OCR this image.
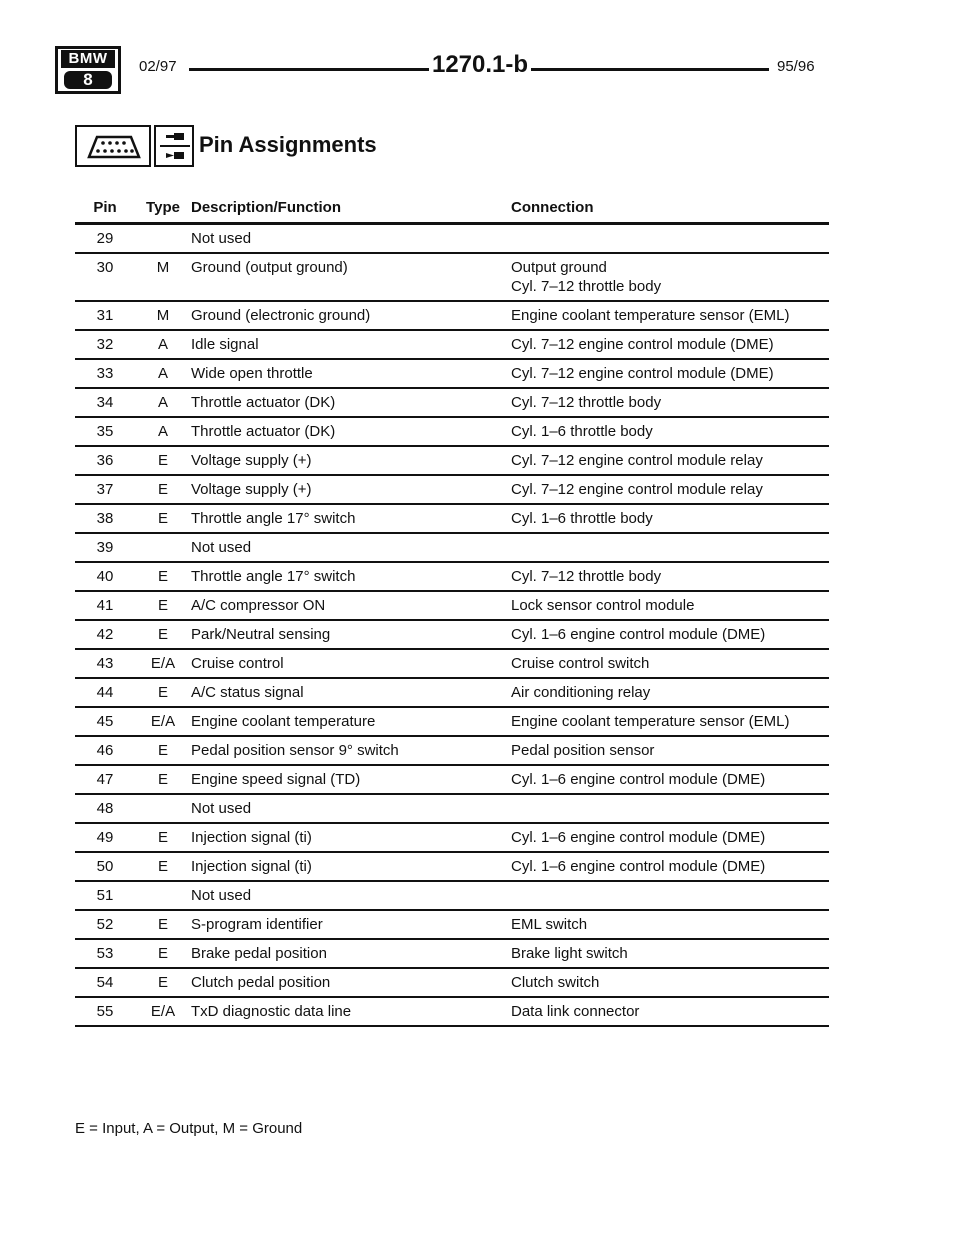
BMW
8
02/97	1270.1-b	95/96
Pin Assignments
Pin	Type	Description/Function	Connection
29		Not used	

30	M	Ground (output ground)	Output ground
Cyl. 7–12 throttle body

31	M	Ground (electronic ground)	Engine coolant temperature sensor (EML)

32	A	Idle signal	Cyl. 7–12 engine control module (DME)

33	A	Wide open throttle	Cyl. 7–12 engine control module (DME)

34	A	Throttle actuator (DK)	Cyl. 7–12 throttle body

35	A	Throttle actuator (DK)	Cyl. 1–6 throttle body

36	E	Voltage supply (+)	Cyl. 7–12 engine control module relay

37	E	Voltage supply (+)	Cyl. 7–12 engine control module relay

38	E	Throttle angle 17° switch	Cyl. 1–6 throttle body

39		Not used	

40	E	Throttle angle 17° switch	Cyl. 7–12 throttle body

41	E	A/C compressor ON	Lock sensor control module

42	E	Park/Neutral sensing	Cyl. 1–6 engine control module (DME)

43	E/A	Cruise control	Cruise control switch

44	E	A/C status signal	Air conditioning relay

45	E/A	Engine coolant temperature	Engine coolant temperature sensor (EML)

46	E	Pedal position sensor 9° switch	Pedal position sensor

47	E	Engine speed signal (TD)	Cyl. 1–6 engine control module (DME)

48		Not used	

49	E	Injection signal (ti)	Cyl. 1–6 engine control module (DME)

50	E	Injection signal (ti)	Cyl. 1–6 engine control module (DME)

51		Not used	

52	E	S-program identifier	EML switch

53	E	Brake pedal position	Brake light switch

54	E	Clutch pedal position	Clutch switch

55	E/A	TxD diagnostic data line	Data link connector
E = Input, A = Output, M = Ground
